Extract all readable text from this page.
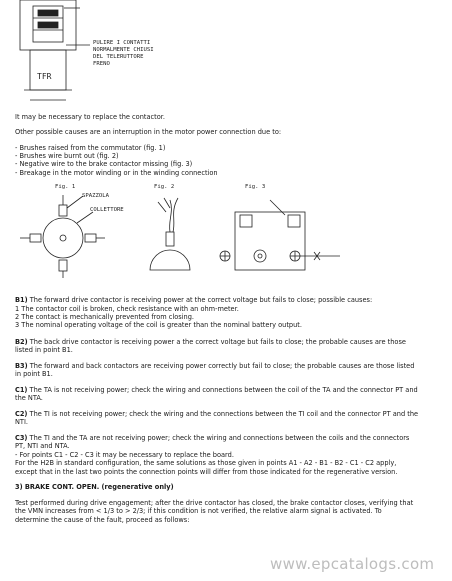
TFR
PULIRE I CONTATTI
NORMALMENTE CHIUSI
DEL TELERUTTORE
FRENO

It may be necessary to replace the contactor.

Other possible causes are an interruption in the motor power connection due to:

- Brushes raised from the commutator (fig. 1)
- Brushes wire burnt out (fig. 2)
- Negative wire to the brake contactor missing (fig. 3)
- Breakage in the motor winding or in the winding connection
Fig. 1
SPAZZOLA
COLLETTORE
Fig. 2	Fig. 3

B1) The forward drive contactor is receiving power at the correct voltage but fails to close; possible causes:

1 The contactor coil is broken, check resistance with an ohm-meter.
2 The contact is mechanically prevented from closing.
3 The nominal operating voltage of the coil is greater than the nominal battery output.
B2) The back drive contactor is receiving power a the correct voltage but fails to close; the probable causes are those
listed in point B1.
B3) The forward and back contactors are receiving power correctly but fail to close; the probable causes are those listed
in point B1.
C1) The TA is not receiving power; check the wiring and connections between the coil of the TA and the connector PT and
the NTA.
C2) The TI is not receiving power; check the wiring and the connections between the TI coil and the connector PT and the
NTI.
C3) The TI and the TA are not receiving power; check the wiring and connections between the coils and the connectors
PT, NTI and NTA.
- For points C1 - C2 - C3 it may be necessary to replace the board.
For the H2B in standard configuration, the same solutions as those given in points A1 - A2 - B1 - B2 - C1 - C2 apply,
except that in the last two points the connection points will differ from those indicated for the regenerative version.

3) BRAKE CONT. OPEN. (regenerative only)

Test performed during drive engagement; after the drive contactor has closed, the brake contactor closes, verifying that
the VMN increases from < 1/3 to > 2/3; if this condition is not verified, the relative alarm signal is activated. To
determine the cause of the fault, proceed as follows:
www.epcatalogs.com
